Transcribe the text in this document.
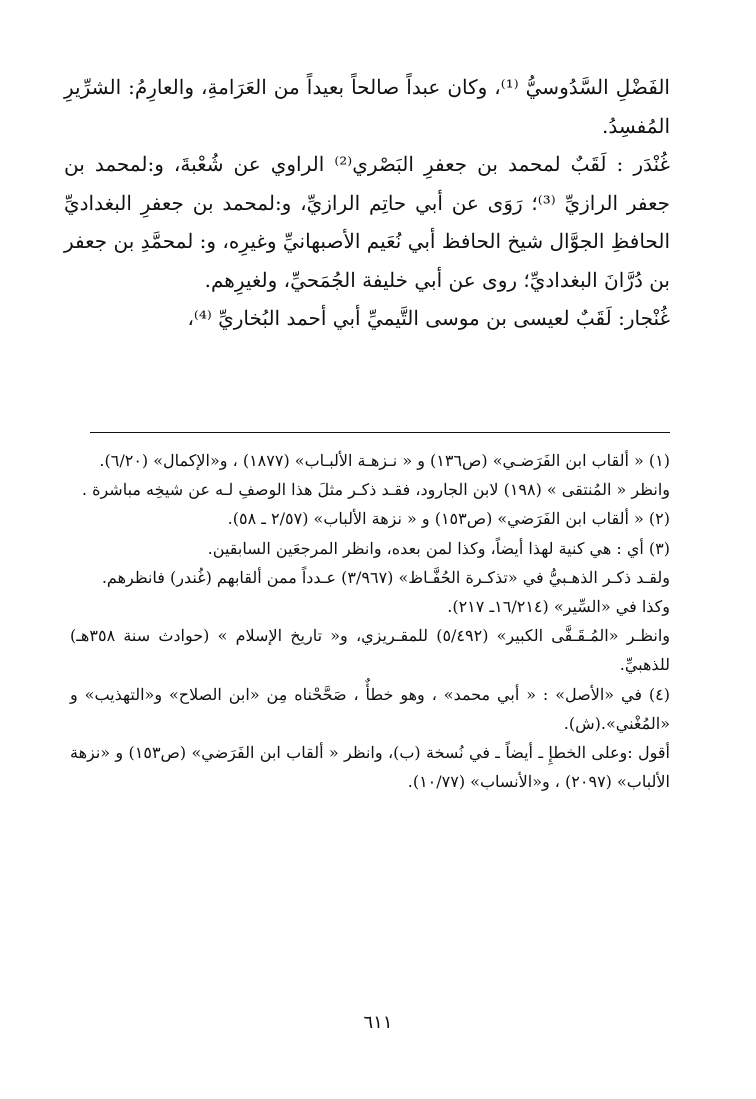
الفَضْلِ السَّدُوسيُّ ⁽¹⁾، وكان عبداً صالحاً بعيداً من العَرَامةِ، والعارِمُ: الشرِّيرِ المُفسِدُ.

غُنْدَر : لَقَبٌ لمحمد بن جعفرِ البَصْري⁽²⁾ الراوي عن شُعْبةَ، و:لمحمد بن جعفر الرازيِّ ⁽³⁾؛ رَوَى عن أبي حاتِم الرازيِّ، و:لمحمد بن جعفرِ البغداديِّ الحافظِ الجوَّال شيخ الحافظ أبي نُعَيم الأصبهانيِّ وغيرِه، و: لمحمَّدِ بن جعفر بن دُرَّانَ البغداديِّ؛ روى عن أبي خليفة الجُمَحيِّ، ولغيرِهم.

غُنْجار: لَقَبٌ لعيسى بن موسى التَّيميِّ أبي أحمد البُخاريِّ ⁽⁴⁾،

(١) « ألقاب ابن الفَرَضـي» (ص١٣٦) و « نـزهـة الألبـاب» (١٨٧٧) ، و«الإكمال» (٦/٢٠).

وانظر « المُنتقى » (١٩٨) لابن الجارود، فقـد ذكـر مثلَ هذا الوصفِ لـه عن شيخِه مباشرة .

(٢) « ألقاب ابن الفَرَضي» (ص١٥٣) و « نزهة الألباب» (٢/٥٧ ـ ٥٨).

(٣) أي : هي كنية لهذا أيضاً، وكذا لمن بعده، وانظر المرجعَين السابقين.

ولقـد ذكـر الذهـبيُّ في «تذكـرة الحُفَّـاظ» (٣/٩٦٧) عـدداً ممن ألقابهم (غُندر) فانظرهم.

وكذا في «السِّير» (١٦/٢١٤ـ ٢١٧).

وانظـر «المُـقَـفَّى الكبير» (٥/٤٩٢) للمقـريزي، و« تاريخ الإسلام » (حوادث سنة ٣٥٨هـ) للذهبيِّ.

(٤) في «الأصل» : « أبي محمد» ، وهو خطأٌ ، صَحَّحْناه مِن «ابن الصلاح» و«التهذيب» و «المُغْني».(ش).

أقول :وعلى الخطإِ ـ أيضاً ـ في نُسخة (ب)، وانظر « ألقاب ابن الفَرَضي» (ص١٥٣) و «نزهة الألباب» (٢٠٩٧) ، و«الأنساب» (١٠/٧٧).

٦١١
